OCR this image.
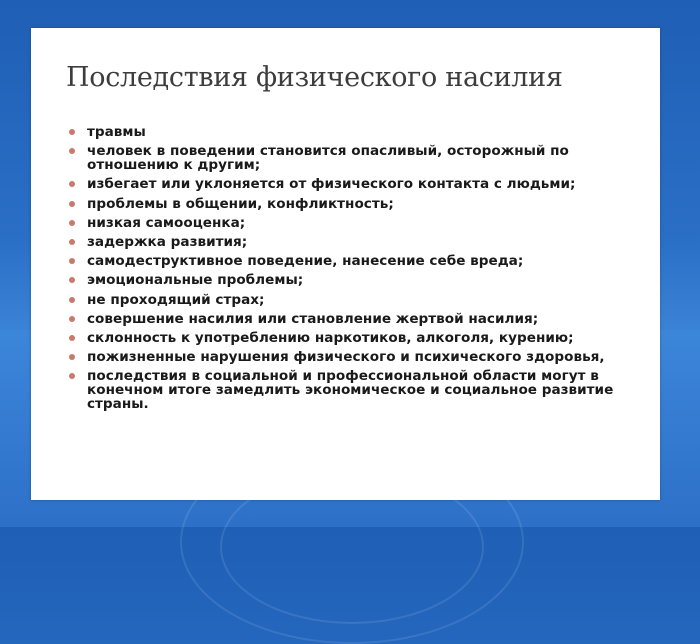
Последствия физического насилия
травмы
человек в поведении становится опасливый, осторожный по отношению к другим;
избегает или уклоняется от физического контакта с людьми;
проблемы в общении, конфликтность;
низкая самооценка;
задержка развития;
самодеструктивное поведение, нанесение себе вреда;
эмоциональные проблемы;
не проходящий страх;
совершение насилия или становление жертвой насилия;
склонность к употреблению наркотиков, алкоголя, курению;
пожизненные нарушения физического и психического здоровья,
последствия в социальной и профессиональной области могут в конечном итоге замедлить экономическое и социальное развитие страны.
